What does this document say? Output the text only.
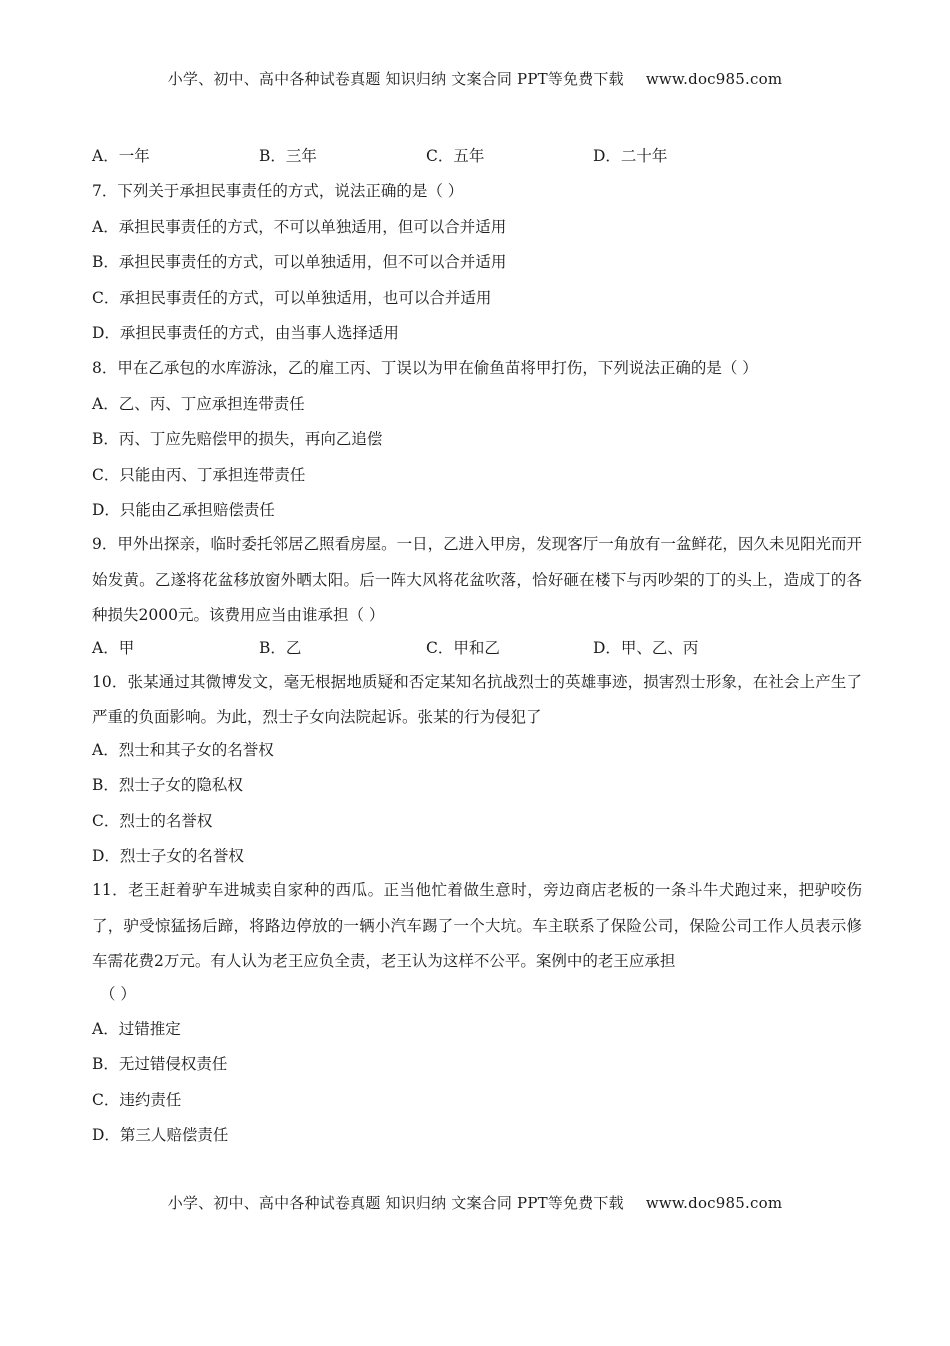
小学、初中、高中各种试卷真题 知识归纳 文案合同 PPT等免费下载 www.doc985.com
A．一年	B．三年	C．五年	D．二十年
7．下列关于承担民事责任的方式，说法正确的是（ ）
A．承担民事责任的方式，不可以单独适用，但可以合并适用
B．承担民事责任的方式，可以单独适用，但不可以合并适用
C．承担民事责任的方式，可以单独适用，也可以合并适用
D．承担民事责任的方式，由当事人选择适用
8．甲在乙承包的水库游泳，乙的雇工丙、丁误以为甲在偷鱼苗将甲打伤，下列说法正确的是（ ）
A．乙、丙、丁应承担连带责任
B．丙、丁应先赔偿甲的损失，再向乙追偿
C．只能由丙、丁承担连带责任
D．只能由乙承担赔偿责任
9．甲外出探亲，临时委托邻居乙照看房屋。一日，乙进入甲房，发现客厅一角放有一盆鲜花，因久未见阳光而开始发黄。乙遂将花盆移放窗外晒太阳。后一阵大风将花盆吹落，恰好砸在楼下与丙吵架的丁的头上，造成丁的各种损失2000元。该费用应当由谁承担（ ）
A．甲	B．乙	C．甲和乙	D．甲、乙、丙
10．张某通过其微博发文，毫无根据地质疑和否定某知名抗战烈士的英雄事迹，损害烈士形象，在社会上产生了严重的负面影响。为此，烈士子女向法院起诉。张某的行为侵犯了
A．烈士和其子女的名誉权
B．烈士子女的隐私权
C．烈士的名誉权
D．烈士子女的名誉权
11．老王赶着驴车进城卖自家种的西瓜。正当他忙着做生意时，旁边商店老板的一条斗牛犬跑过来，把驴咬伤了，驴受惊猛扬后蹄，将路边停放的一辆小汽车踢了一个大坑。车主联系了保险公司，保险公司工作人员表示修车需花费2万元。有人认为老王应负全责，老王认为这样不公平。案例中的老王应承担
（ ）
A．过错推定
B．无过错侵权责任
C．违约责任
D．第三人赔偿责任
小学、初中、高中各种试卷真题 知识归纳 文案合同 PPT等免费下载 www.doc985.com
